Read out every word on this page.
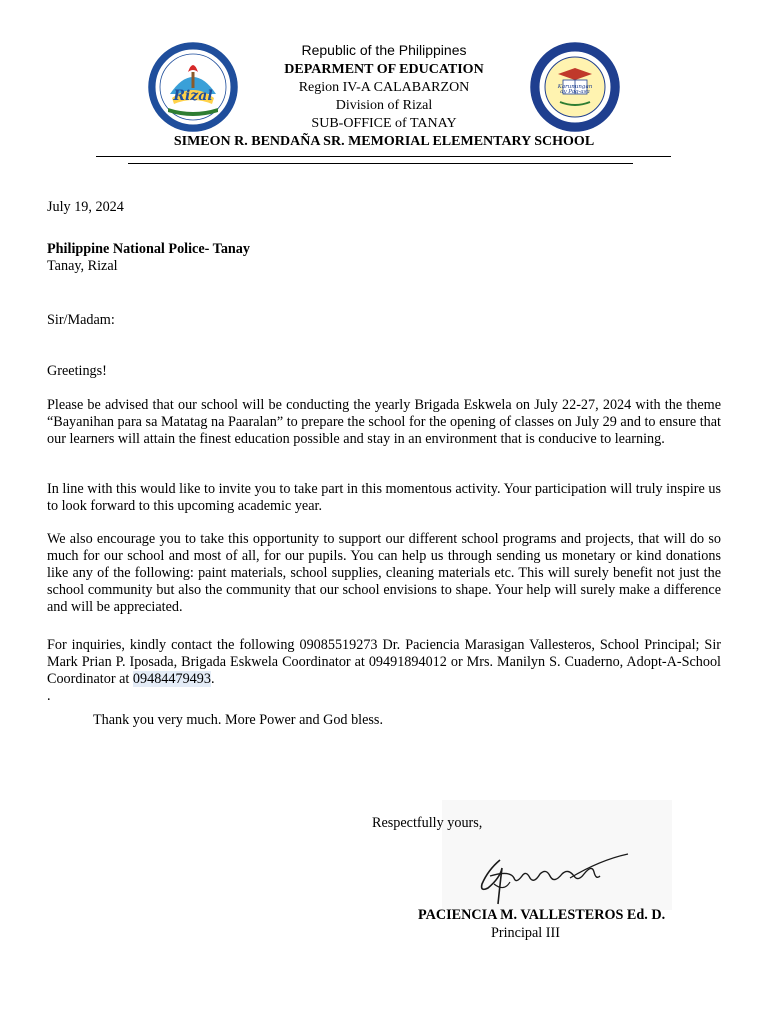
Rizal
Karunungan
ay Pag-asa
Republic of the Philippines
DEPARMENT OF EDUCATION
Region IV-A CALABARZON
Division of Rizal
SUB-OFFICE of TANAY
SIMEON R. BENDAÑA SR. MEMORIAL ELEMENTARY SCHOOL
July 19, 2024
Philippine National Police- Tanay
Tanay, Rizal
Sir/Madam:
Greetings!
Please be advised that our school will be conducting the yearly Brigada Eskwela on July 22-27, 2024 with the theme “Bayanihan para sa Matatag na Paaralan” to prepare the school for the opening of classes on July 29 and to ensure that our learners will attain the finest education possible and stay in an environment that is conducive to learning.
In line with this would like to invite you to take part in this momentous activity. Your participation will truly inspire us to look forward to this upcoming academic year.
We also encourage you to take this opportunity to support our different school programs and projects, that will do so much for our school and most of all, for our pupils. You can help us through sending us monetary or kind donations like any of the following: paint materials, school supplies, cleaning materials etc. This will surely benefit not just the school community but also the community that our school envisions to shape. Your help will surely make a difference and will be appreciated.
For inquiries, kindly contact the following 09085519273 Dr. Paciencia Marasigan Vallesteros, School Principal; Sir Mark Prian P. Iposada, Brigada Eskwela Coordinator at 09491894012 or Mrs. Manilyn S. Cuaderno, Adopt-A-School Coordinator at 09484479493.
.
Thank you very much. More Power and God bless.
Respectfully yours,
PACIENCIA M. VALLESTEROS Ed. D.
Principal III
